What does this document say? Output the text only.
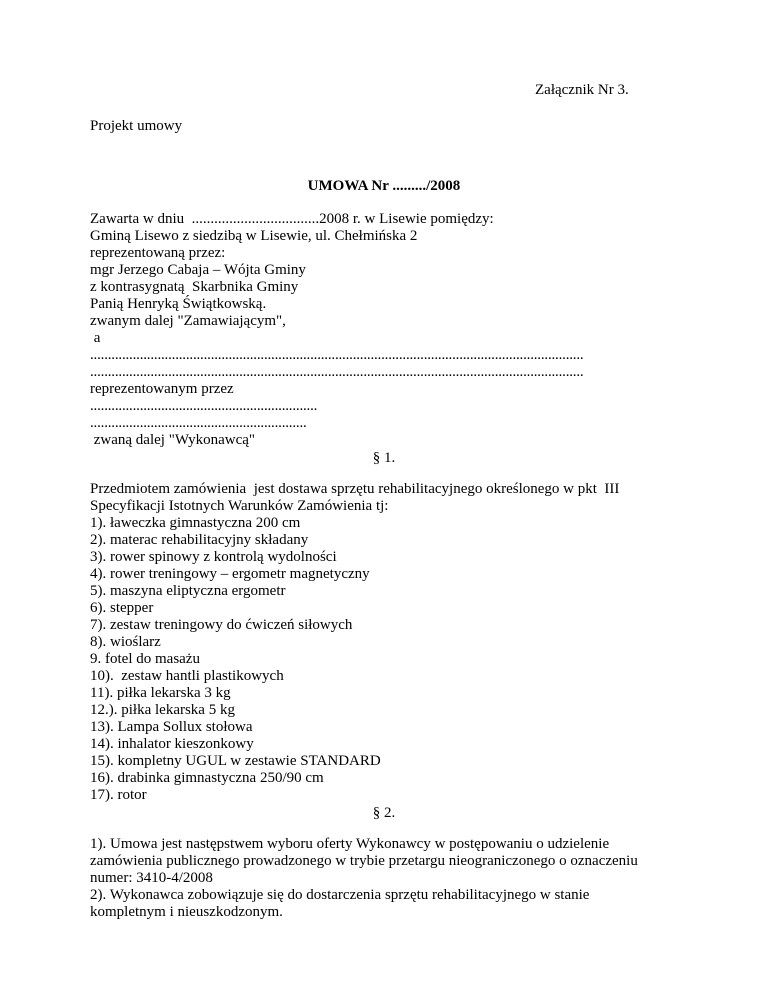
Załącznik Nr 3.
Projekt umowy
UMOWA Nr ........./2008
Zawarta w dniu  ..................................2008 r. w Lisewie pomiędzy:
Gminą Lisewo z siedzibą w Lisewie, ul. Chełmińska 2
reprezentowaną przez:
mgr Jerzego Cabaja – Wójta Gminy
z kontrasygnatą  Skarbnika Gminy
Panią Henryką Świątkowską.
zwanym dalej "Zamawiającym",
a
...........................................................................................................................................
...........................................................................................................................................
reprezentowanym przez
................................................................
.............................................................
zwaną dalej "Wykonawcą"
§ 1.
Przedmiotem zamówienia  jest dostawa sprzętu rehabilitacyjnego określonego w pkt  III
Specyfikacji Istotnych Warunków Zamówienia tj:
1). ławeczka gimnastyczna 200 cm
2). materac rehabilitacyjny składany
3). rower spinowy z kontrolą wydolności
4). rower treningowy – ergometr magnetyczny
5). maszyna eliptyczna ergometr
6). stepper
7). zestaw treningowy do ćwiczeń siłowych
8). wioślarz
9. fotel do masażu
10).  zestaw hantli plastikowych
11). piłka lekarska 3 kg
12.). piłka lekarska 5 kg
13). Lampa Sollux stołowa
14). inhalator kieszonkowy
15). kompletny UGUL w zestawie STANDARD
16). drabinka gimnastyczna 250/90 cm
17). rotor
§ 2.
1). Umowa jest następstwem wyboru oferty Wykonawcy w postępowaniu o udzielenie
zamówienia publicznego prowadzonego w trybie przetargu nieograniczonego o oznaczeniu
numer: 3410-4/2008
2). Wykonawca zobowiązuje się do dostarczenia sprzętu rehabilitacyjnego w stanie
kompletnym i nieuszkodzonym.
